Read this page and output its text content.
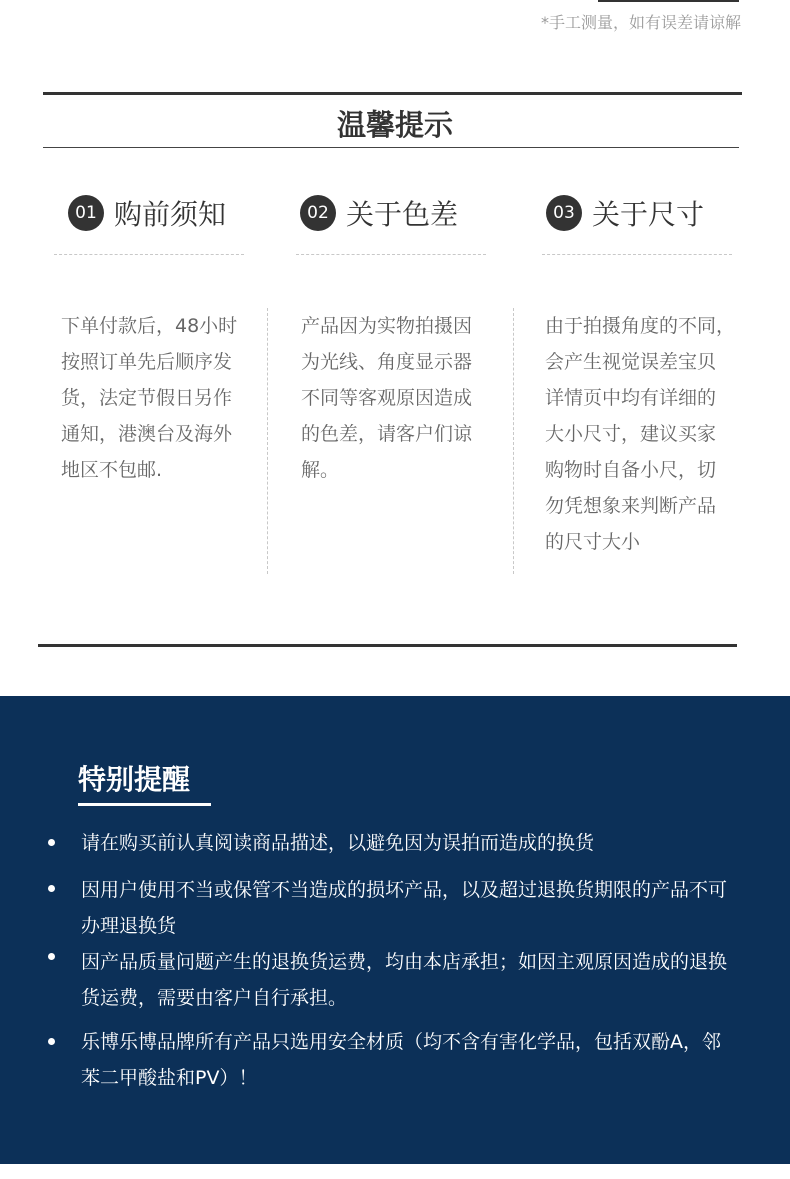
*手工测量，如有误差请谅解
温馨提示
01 购前须知
下单付款后，48小时
按照订单先后顺序发
货，法定节假日另作
通知，港澳台及海外
地区不包邮.
02 关于色差
产品因为实物拍摄因
为光线、角度显示器
不同等客观原因造成
的色差，请客户们谅
解。
03 关于尺寸
由于拍摄角度的不同，
会产生视觉误差宝贝
详情页中均有详细的
大小尺寸，建议买家
购物时自备小尺，切
勿凭想象来判断产品
的尺寸大小
特别提醒
请在购买前认真阅读商品描述，以避免因为误拍而造成的换货
因用户使用不当或保管不当造成的损坏产品，以及超过退换货期限的产品不可
办理退换货
因产品质量问题产生的退换货运费，均由本店承担；如因主观原因造成的退换
货运费，需要由客户自行承担。
乐博乐博品牌所有产品只选用安全材质（均不含有害化学品，包括双酚A，邻
苯二甲酸盐和PV）！
